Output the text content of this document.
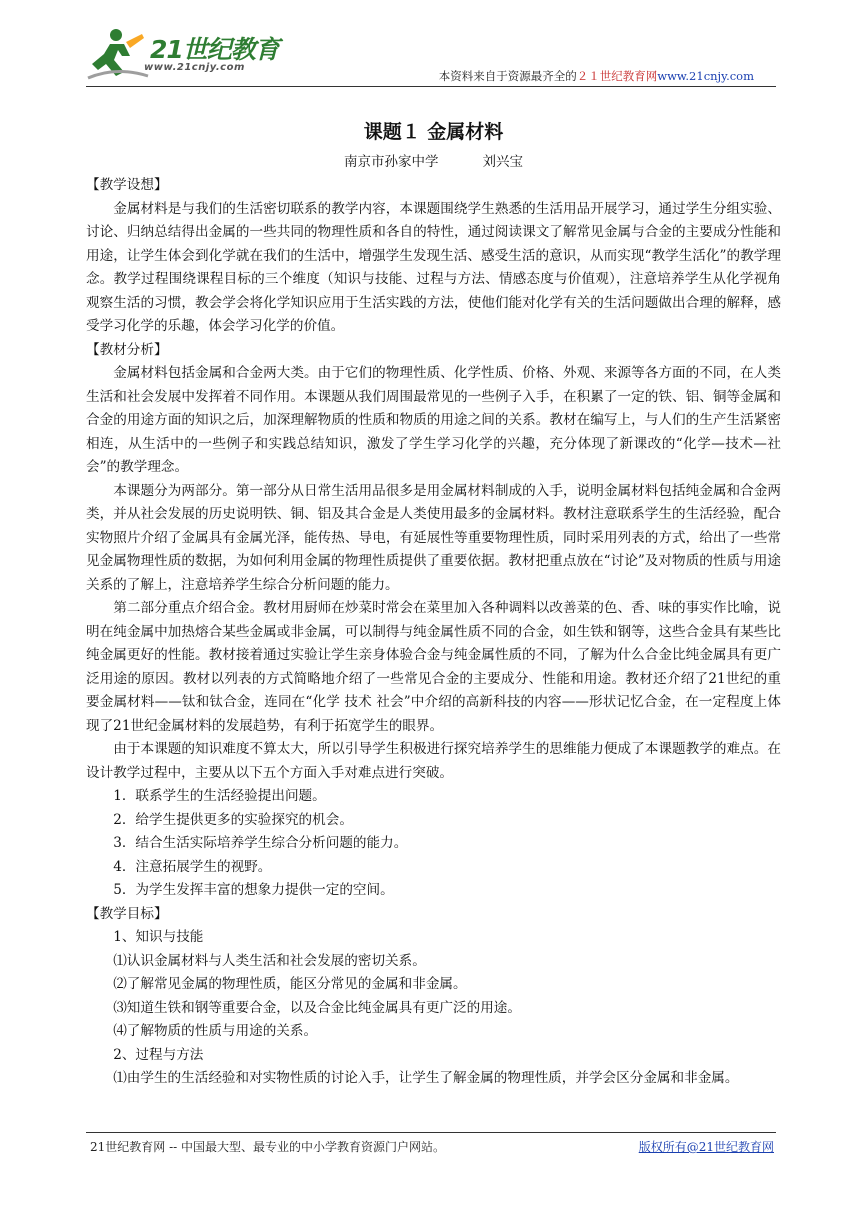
21世纪教育
www.21cnjy.com
本资料来自于资源最齐全的２１世纪教育网www.21cnjy.com
课题１ 金属材料
南京市孙家中学	刘兴宝

【教学设想】

金属材料是与我们的生活密切联系的教学内容，本课题围绕学生熟悉的生活用品开展学习，通过学生分组实验、讨论、归纳总结得出金属的一些共同的物理性质和各自的特性，通过阅读课文了解常见金属与合金的主要成分性能和用途，让学生体会到化学就在我们的生活中，增强学生发现生活、感受生活的意识，从而实现“教学生活化”的教学理念。教学过程围绕课程目标的三个维度（知识与技能、过程与方法、情感态度与价值观），注意培养学生从化学视角观察生活的习惯，教会学会将化学知识应用于生活实践的方法，使他们能对化学有关的生活问题做出合理的解释，感受学习化学的乐趣，体会学习化学的价值。

【教材分析】

金属材料包括金属和合金两大类。由于它们的物理性质、化学性质、价格、外观、来源等各方面的不同，在人类生活和社会发展中发挥着不同作用。本课题从我们周围最常见的一些例子入手，在积累了一定的铁、铝、铜等金属和合金的用途方面的知识之后，加深理解物质的性质和物质的用途之间的关系。教材在编写上，与人们的生产生活紧密相连，从生活中的一些例子和实践总结知识，激发了学生学习化学的兴趣，充分体现了新课改的“化学—技术—社会”的教学理念。

本课题分为两部分。第一部分从日常生活用品很多是用金属材料制成的入手，说明金属材料包括纯金属和合金两类，并从社会发展的历史说明铁、铜、铝及其合金是人类使用最多的金属材料。教材注意联系学生的生活经验，配合实物照片介绍了金属具有金属光泽，能传热、导电，有延展性等重要物理性质，同时采用列表的方式，给出了一些常见金属物理性质的数据，为如何利用金属的物理性质提供了重要依据。教材把重点放在“讨论”及对物质的性质与用途关系的了解上，注意培养学生综合分析问题的能力。

第二部分重点介绍合金。教材用厨师在炒菜时常会在菜里加入各种调料以改善菜的色、香、味的事实作比喻，说明在纯金属中加热熔合某些金属或非金属，可以制得与纯金属性质不同的合金，如生铁和钢等，这些合金具有某些比纯金属更好的性能。教材接着通过实验让学生亲身体验合金与纯金属性质的不同，了解为什么合金比纯金属具有更广泛用途的原因。教材以列表的方式简略地介绍了一些常见合金的主要成分、性能和用途。教材还介绍了21世纪的重要金属材料——钛和钛合金，连同在“化学 技术 社会”中介绍的高新科技的内容——形状记忆合金，在一定程度上体现了21世纪金属材料的发展趋势，有利于拓宽学生的眼界。

由于本课题的知识难度不算太大，所以引导学生积极进行探究培养学生的思维能力便成了本课题教学的难点。在设计教学过程中，主要从以下五个方面入手对难点进行突破。

1．联系学生的生活经验提出问题。

2．给学生提供更多的实验探究的机会。

3．结合生活实际培养学生综合分析问题的能力。

4．注意拓展学生的视野。

5．为学生发挥丰富的想象力提供一定的空间。

【教学目标】

1、知识与技能

⑴认识金属材料与人类生活和社会发展的密切关系。

⑵了解常见金属的物理性质，能区分常见的金属和非金属。

⑶知道生铁和钢等重要合金，以及合金比纯金属具有更广泛的用途。

⑷了解物质的性质与用途的关系。

2、过程与方法

⑴由学生的生活经验和对实物性质的讨论入手，让学生了解金属的物理性质，并学会区分金属和非金属。

21世纪教育网 -- 中国最大型、最专业的中小学教育资源门户网站。	版权所有@21世纪教育网
